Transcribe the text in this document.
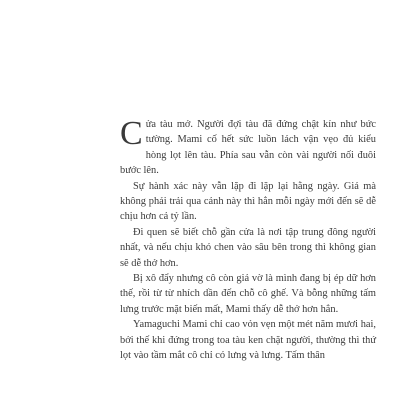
Cửa tàu mở. Người đợi tàu đã đứng chật kín như bức tường. Mami cố hết sức luồn lách vận vẹo đủ kiểu hòng lọt lên tàu. Phía sau vẫn còn vài người nối đuôi bước lên.

Sự hành xác này vẫn lặp đi lặp lại hằng ngày. Giá mà không phải trải qua cảnh này thì hẳn mỗi ngày mới đến sẽ dễ chịu hơn cả tỷ lần.

Đi quen sẽ biết chỗ gần cửa là nơi tập trung đông người nhất, và nếu chịu khó chen vào sâu bên trong thì không gian sẽ dễ thở hơn.

Bị xô đẩy nhưng cô còn giả vờ là mình đang bị ép dữ hơn thế, rồi từ từ nhích dần đến chỗ cô ghế. Và bỗng những tấm lưng trước mặt biến mất, Mami thấy dễ thở hơn hẳn.

Yamaguchi Mami chỉ cao vỏn vẹn một mét năm mươi hai, bởi thế khi đứng trong toa tàu ken chặt người, thường thì thứ lọt vào tầm mắt cô chỉ có lưng và lưng. Tấm thân
